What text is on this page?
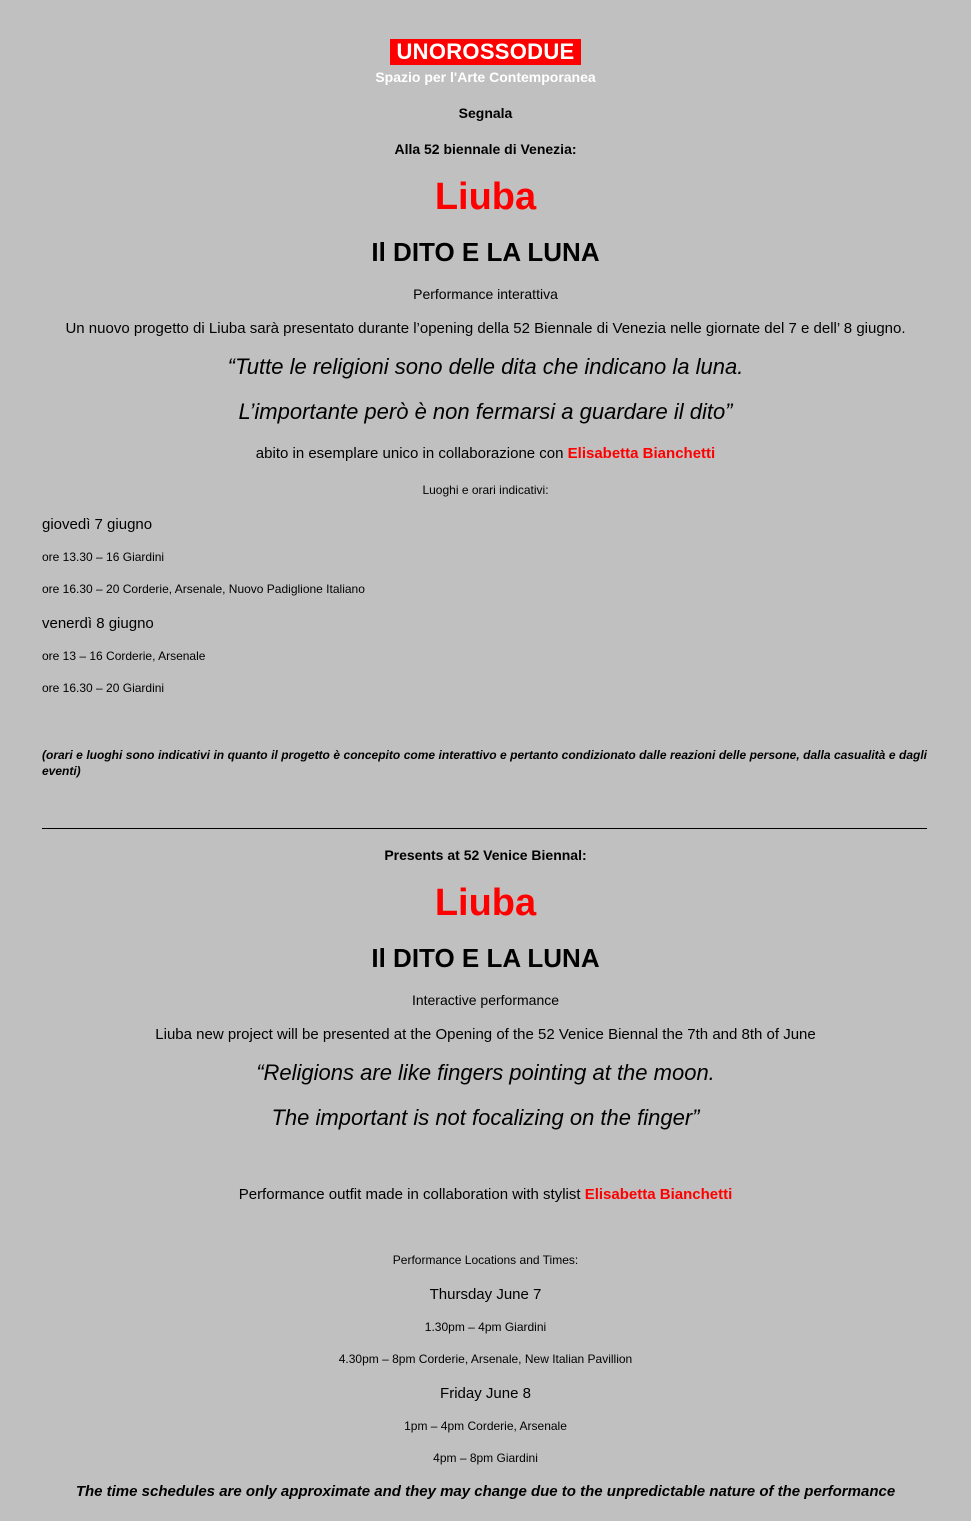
UNOROSSODUE
Spazio per l'Arte Contemporanea
Segnala
Alla 52 biennale di Venezia:
Liuba
Il DITO E LA LUNA
Performance interattiva
Un nuovo progetto di Liuba sarà presentato durante l’opening della 52 Biennale di Venezia nelle giornate del 7 e dell’ 8 giugno.
“Tutte le religioni sono delle dita che indicano la luna.
L’importante però è non fermarsi a guardare il dito”
abito in esemplare unico in collaborazione con Elisabetta Bianchetti
Luoghi e orari indicativi:
giovedì 7 giugno
ore 13.30 – 16 Giardini
ore 16.30 – 20 Corderie, Arsenale, Nuovo Padiglione Italiano
venerdì 8 giugno
ore 13 – 16 Corderie, Arsenale
ore 16.30 – 20 Giardini
(orari e luoghi sono indicativi in quanto il progetto è concepito come interattivo e pertanto condizionato dalle reazioni delle persone, dalla casualità e dagli eventi)
Presents at 52 Venice Biennal:
Liuba
Il DITO E LA LUNA
Interactive performance
Liuba new project will be presented at the Opening of the 52 Venice Biennal the 7th and 8th of June
“Religions are like fingers pointing at the moon.
The important is not focalizing on the finger”
Performance outfit made in collaboration with stylist Elisabetta Bianchetti
Performance Locations and Times:
Thursday June 7
1.30pm – 4pm Giardini
4.30pm – 8pm Corderie, Arsenale, New Italian Pavillion
Friday June 8
1pm – 4pm Corderie, Arsenale
4pm – 8pm Giardini
The time schedules are only approximate and they may change due to the unpredictable nature of the performance
